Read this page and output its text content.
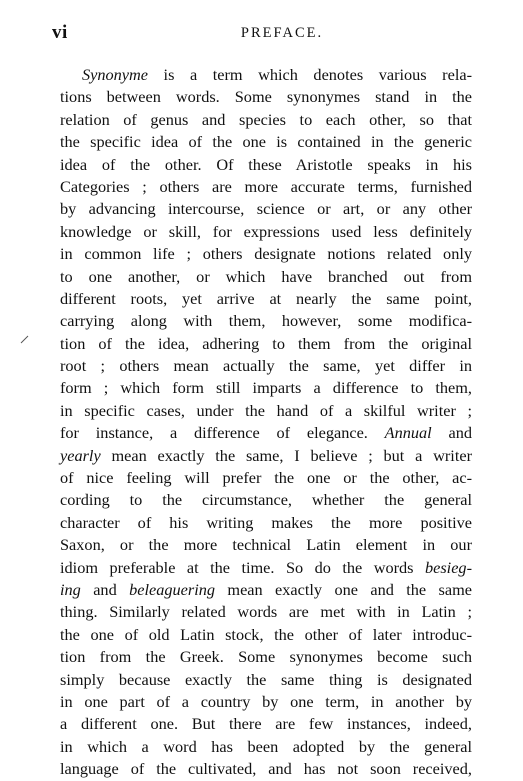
vi	PREFACE.
Synonyme is a term which denotes various rela-
tions between words. Some synonymes stand in the
relation of genus and species to each other, so that
the specific idea of the one is contained in the generic
idea of the other. Of these Aristotle speaks in his
Categories ; others are more accurate terms, furnished
by advancing intercourse, science or art, or any other
knowledge or skill, for expressions used less definitely
in common life ; others designate notions related only
to one another, or which have branched out from
different roots, yet arrive at nearly the same point,
carrying along with them, however, some modifica-
tion of the idea, adhering to them from the original
root ; others mean actually the same, yet differ in
form ; which form still imparts a difference to them,
in specific cases, under the hand of a skilful writer ;
for instance, a difference of elegance. Annual and
yearly mean exactly the same, I believe ; but a writer
of nice feeling will prefer the one or the other, ac-
cording to the circumstance, whether the general
character of his writing makes the more positive
Saxon, or the more technical Latin element in our
idiom preferable at the time. So do the words besieg-
ing and beleaguering mean exactly one and the same
thing. Similarly related words are met with in Latin ;
the one of old Latin stock, the other of later introduc-
tion from the Greek. Some synonymes become such
simply because exactly the same thing is designated
in one part of a country by one term, in another by
a different one. But there are few instances, indeed,
in which a word has been adopted by the general
language of the cultivated, and has not soon received,
